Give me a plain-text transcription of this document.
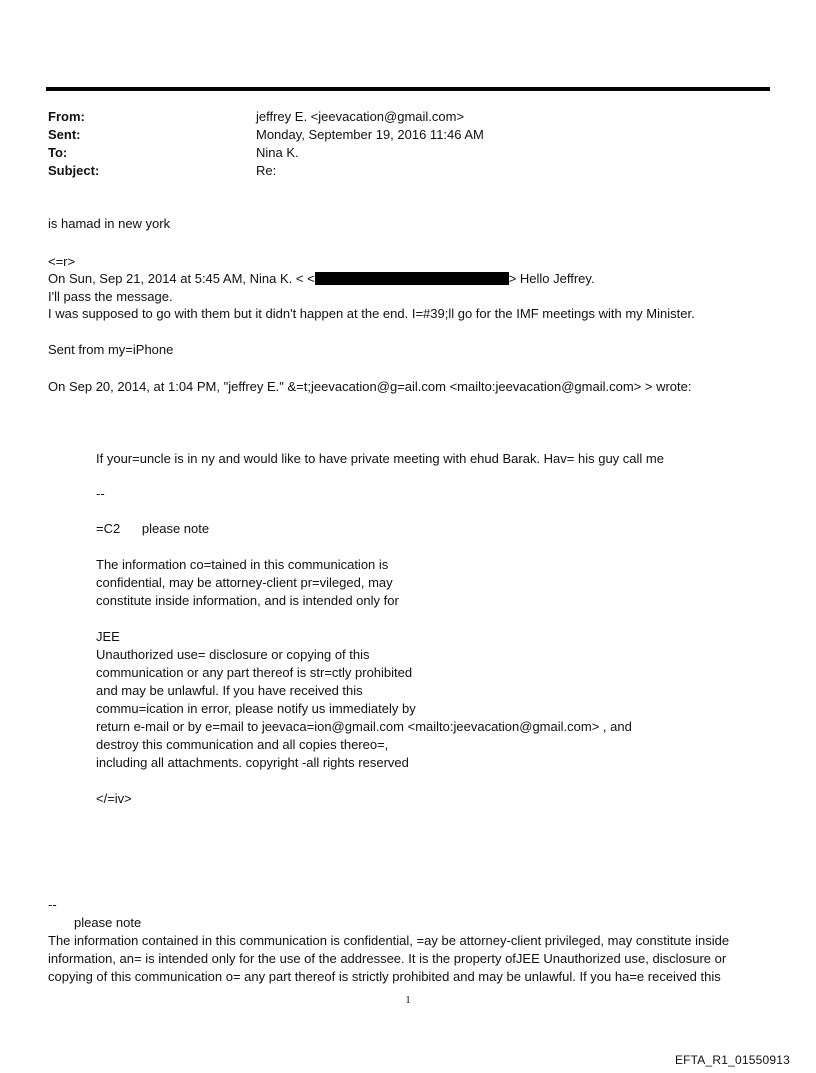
From:	jeffrey E. <jeevacation@gmail.com>
Sent:	Monday, September 19, 2016 11:46 AM
To:	Nina K.
Subject:	Re:
is hamad in new york
<=r>
On Sun, Sep 21, 2014 at 5:45 AM, Nina K. < <	> Hello Jeffrey.
I'll pass the message.
I was supposed to go with them but it didn't happen at the end. I=#39;ll go for the IMF meetings with my Minister.
Sent from my=iPhone
On Sep 20, 2014, at 1:04 PM, "jeffrey E." &=t;jeevacation@g=ail.com <mailto:jeevacation@gmail.com> > wrote:
If your=uncle is in ny and would like to have private meeting with ehud Barak. Hav= his guy call me
--
=C2      please note
The information co=tained in this communication is
confidential, may be attorney-client pr=vileged, may
constitute inside information, and is intended only for
JEE
Unauthorized use= disclosure or copying of this
communication or any part thereof is str=ctly prohibited
and may be unlawful. If you have received this
commu=ication in error, please notify us immediately by
return e-mail or by e=mail to jeevaca=ion@gmail.com <mailto:jeevacation@gmail.com> , and
destroy this communication and all copies thereo=,
including all attachments. copyright -all rights reserved
</=iv>
--
please note
The information contained in this communication is confidential, =ay be attorney-client privileged, may constitute inside
information, an= is intended only for the use of the addressee. It is the property ofJEE Unauthorized use, disclosure or
copying of this communication o= any part thereof is strictly prohibited and may be unlawful. If you ha=e received this
1
EFTA_R1_01550913
